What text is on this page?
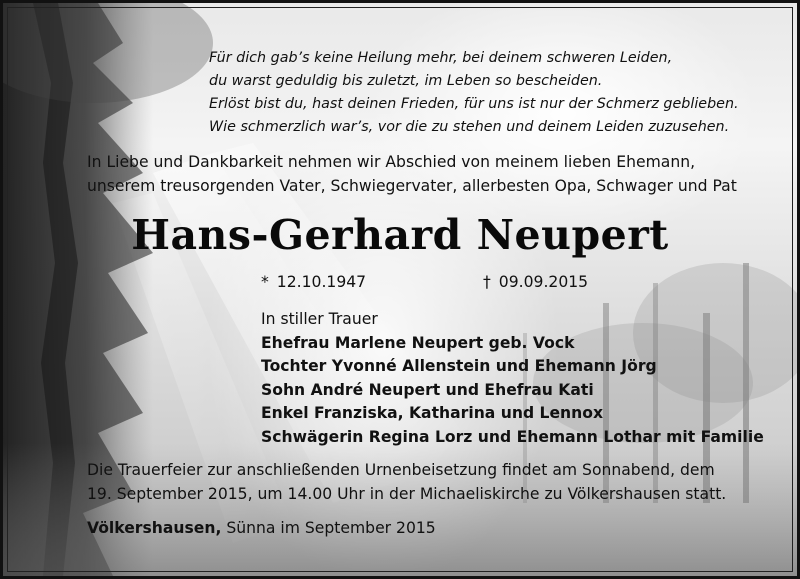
Für dich gab’s keine Heilung mehr, bei deinem schweren Leiden,
du warst geduldig bis zuletzt, im Leben so bescheiden.
Erlöst bist du, hast deinen Frieden, für uns ist nur der Schmerz geblieben.
Wie schmerzlich war’s, vor die zu stehen und deinem Leiden zuzusehen.
In Liebe und Dankbarkeit nehmen wir Abschied von meinem lieben Ehemann,
unserem treusorgenden Vater, Schwiegervater, allerbesten Opa, Schwager und Pat
Hans-Gerhard Neupert
* 12.10.1947	† 09.09.2015
In stiller Trauer
Ehefrau Marlene Neupert geb. Vock
Tochter Yvonné Allenstein und Ehemann Jörg
Sohn André Neupert und Ehefrau Kati
Enkel Franziska, Katharina und Lennox
Schwägerin Regina Lorz und Ehemann Lothar mit Familie
Die Trauerfeier zur anschließenden Urnenbeisetzung findet am Sonnabend, dem
19. September 2015, um 14.00 Uhr in der Michaeliskirche zu Völkershausen statt.
Völkershausen, Sünna im September 2015
